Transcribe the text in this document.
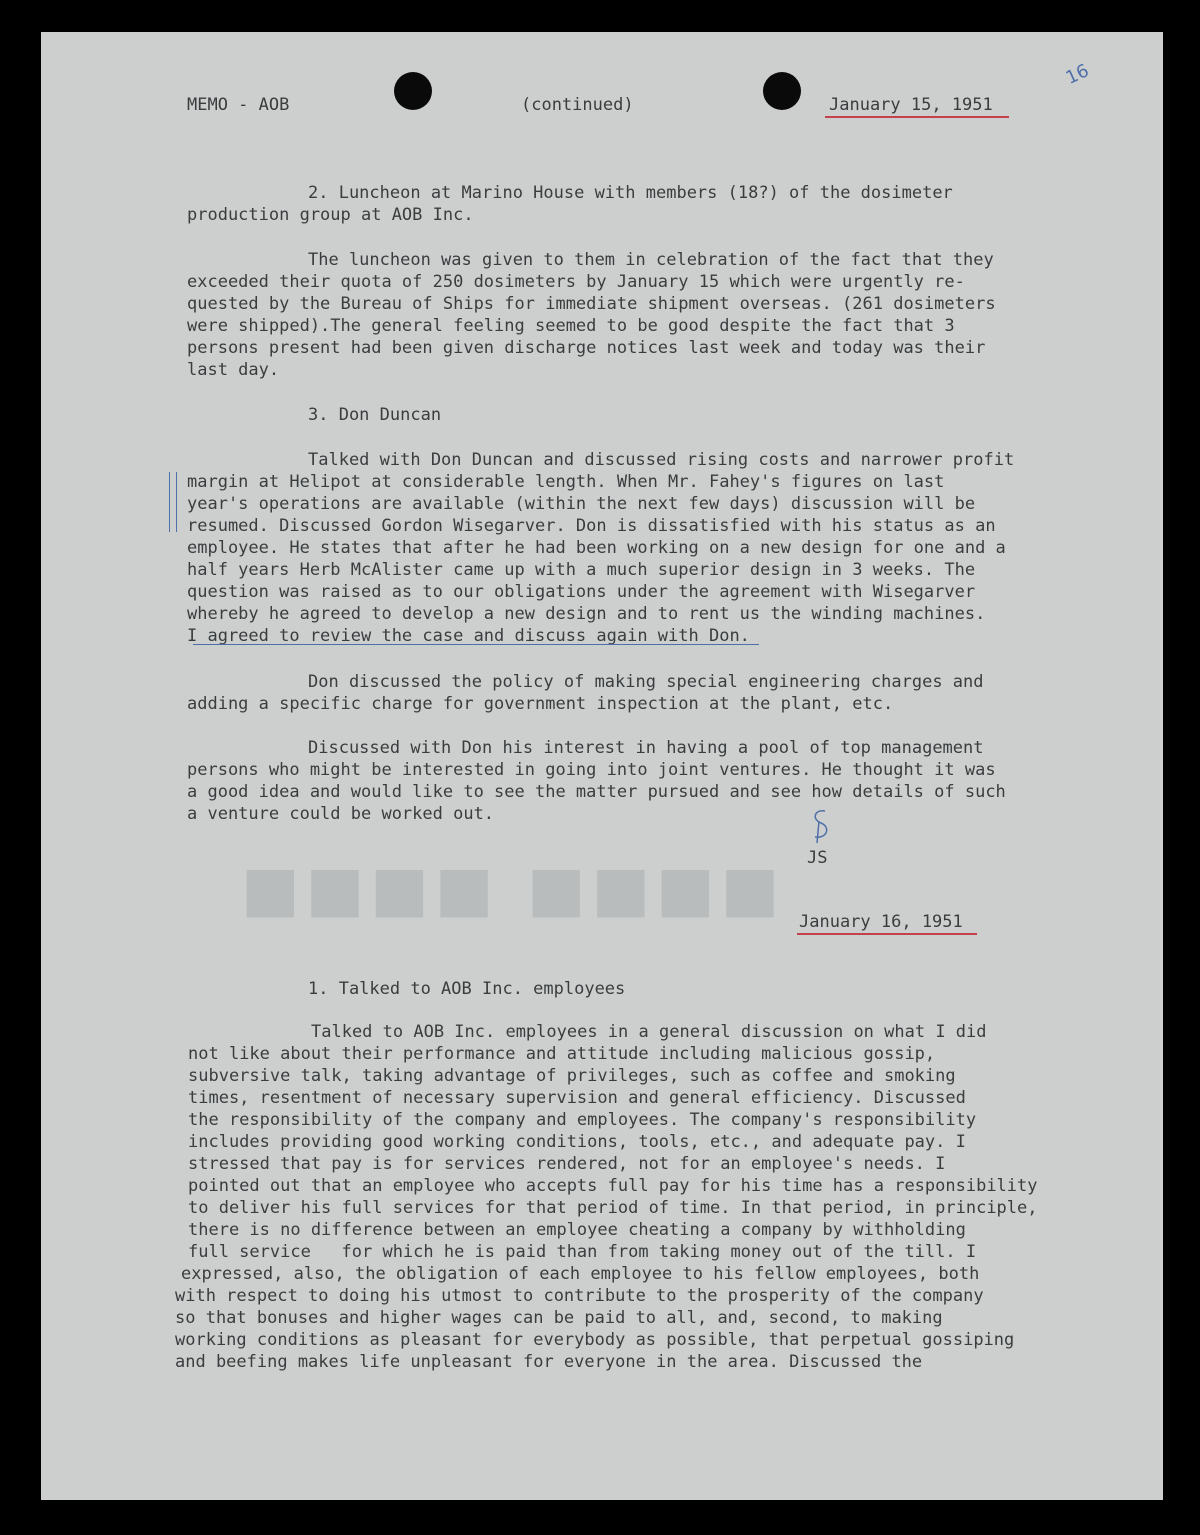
■■■■ ■■■■

MEMO - AOB	(continued)	January 15, 1951

16

2. Luncheon at Marino House with members (18?) of the dosimeter

production group at AOB Inc.

The luncheon was given to them in celebration of the fact that they

exceeded their quota of 250 dosimeters by January 15 which were urgently re-

quested by the Bureau of Ships for immediate shipment overseas. (261 dosimeters

were shipped).The general feeling seemed to be good despite the fact that 3

persons present had been given discharge notices last week and today was their

last day.

3. Don Duncan

Talked with Don Duncan and discussed rising costs and narrower profit

margin at Helipot at considerable length. When Mr. Fahey's figures on last

year's operations are available (within the next few days) discussion will be

resumed. Discussed Gordon Wisegarver. Don is dissatisfied with his status as an

employee. He states that after he had been working on a new design for one and a

half years Herb McAlister came up with a much superior design in 3 weeks. The

question was raised as to our obligations under the agreement with Wisegarver

whereby he agreed to develop a new design and to rent us the winding machines.

I agreed to review the case and discuss again with Don.

Don discussed the policy of making special engineering charges and

adding a specific charge for government inspection at the plant, etc.

Discussed with Don his interest in having a pool of top management

persons who might be interested in going into joint ventures. He thought it was

a good idea and would like to see the matter pursued and see how details of such

a venture could be worked out.

JS

January 16, 1951

1. Talked to AOB Inc. employees

Talked to AOB Inc. employees in a general discussion on what I did

not like about their performance and attitude including malicious gossip,

subversive talk, taking advantage of privileges, such as coffee and smoking

times, resentment of necessary supervision and general efficiency. Discussed

the responsibility of the company and employees. The company's responsibility

includes providing good working conditions, tools, etc., and adequate pay. I

stressed that pay is for services rendered, not for an employee's needs. I

pointed out that an employee who accepts full pay for his time has a responsibility

to deliver his full services for that period of time. In that period, in principle,

there is no difference between an employee cheating a company by withholding

full service   for which he is paid than from taking money out of the till. I

expressed, also, the obligation of each employee to his fellow employees, both

with respect to doing his utmost to contribute to the prosperity of the company

so that bonuses and higher wages can be paid to all, and, second, to making

working conditions as pleasant for everybody as possible, that perpetual gossiping

and beefing makes life unpleasant for everyone in the area. Discussed the
